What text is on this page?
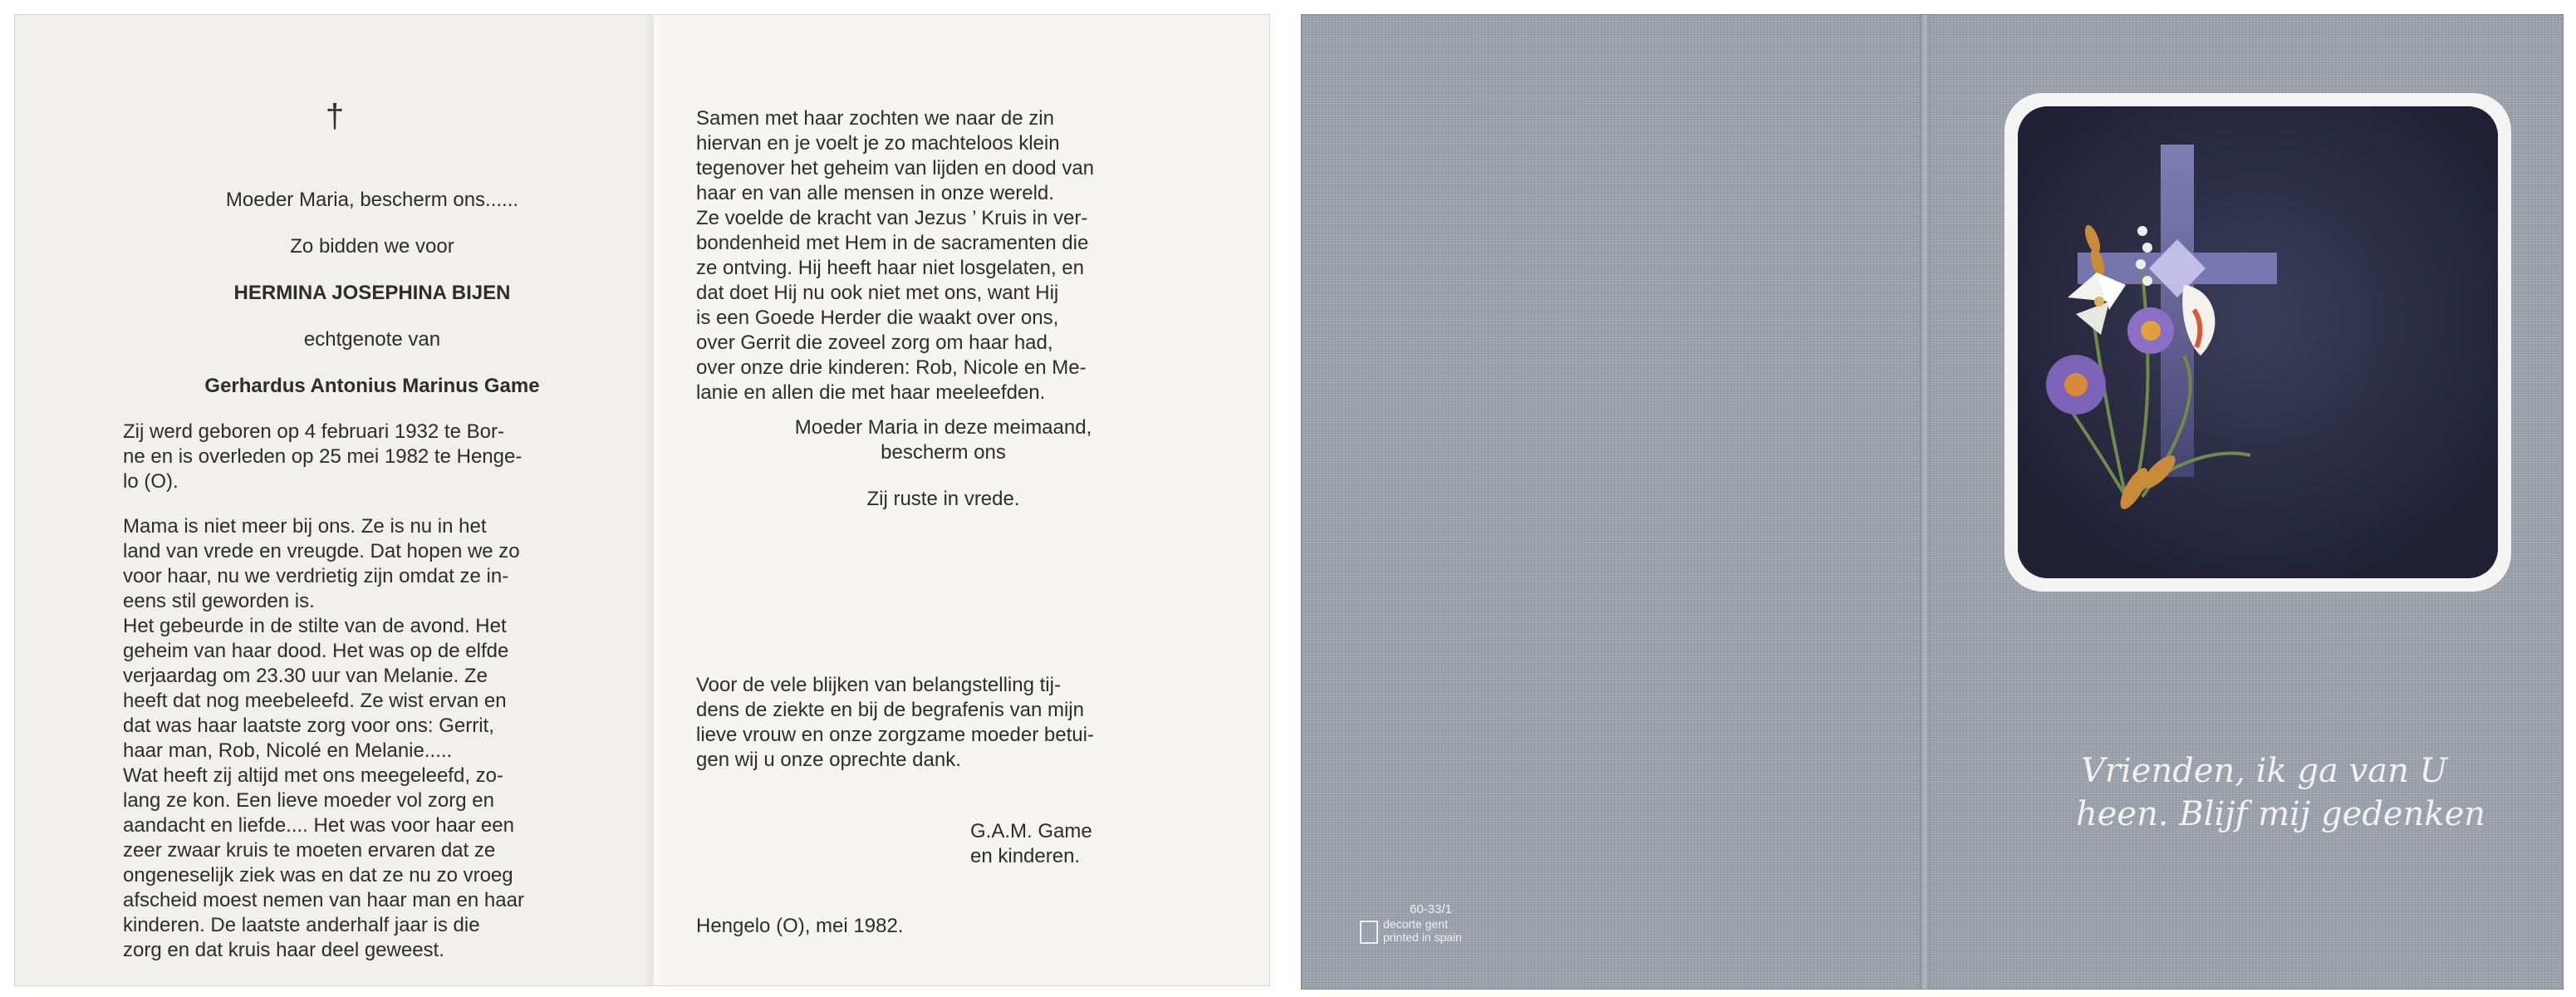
†
Moeder Maria, bescherm ons......
Zo bidden we voor
HERMINA JOSEPHINA BIJEN
echtgenote van
Gerhardus Antonius Marinus Game
Zij werd geboren op 4 februari 1932 te Bor-
ne en is overleden op 25 mei 1982 te Henge-
lo (O).
Mama is niet meer bij ons. Ze is nu in het
land van vrede en vreugde. Dat hopen we zo
voor haar, nu we verdrietig zijn omdat ze in-
eens stil geworden is.
Het gebeurde in de stilte van de avond. Het
geheim van haar dood. Het was op de elfde
verjaardag om 23.30 uur van Melanie. Ze
heeft dat nog meebeleefd. Ze wist ervan en
dat was haar laatste zorg voor ons: Gerrit,
haar man, Rob, Nicolé en Melanie.....
Wat heeft zij altijd met ons meegeleefd, zo-
lang ze kon. Een lieve moeder vol zorg en
aandacht en liefde.... Het was voor haar een
zeer zwaar kruis te moeten ervaren dat ze
ongeneselijk ziek was en dat ze nu zo vroeg
afscheid moest nemen van haar man en haar
kinderen. De laatste anderhalf jaar is die
zorg en dat kruis haar deel geweest.
Samen met haar zochten we naar de zin
hiervan en je voelt je zo machteloos klein
tegenover het geheim van lijden en dood van
haar en van alle mensen in onze wereld.
Ze voelde de kracht van Jezus ’ Kruis in ver-
bondenheid met Hem in de sacramenten die
ze ontving. Hij heeft haar niet losgelaten, en
dat doet Hij nu ook niet met ons, want Hij
is een Goede Herder die waakt over ons,
over Gerrit die zoveel zorg om haar had,
over onze drie kinderen: Rob, Nicole en Me-
lanie en allen die met haar meeleefden.
Moeder Maria in deze meimaand,
bescherm ons
Zij ruste in vrede.
Voor de vele blijken van belangstelling tij-
dens de ziekte en bij de begrafenis van mijn
lieve vrouw en onze zorgzame moeder betui-
gen wij u onze oprechte dank.
G.A.M. Game
en kinderen.
Hengelo (O), mei 1982.
Vrienden, ik ga van U
heen. Blijf mij gedenken
60-33/1
decorte gent
printed in spain
